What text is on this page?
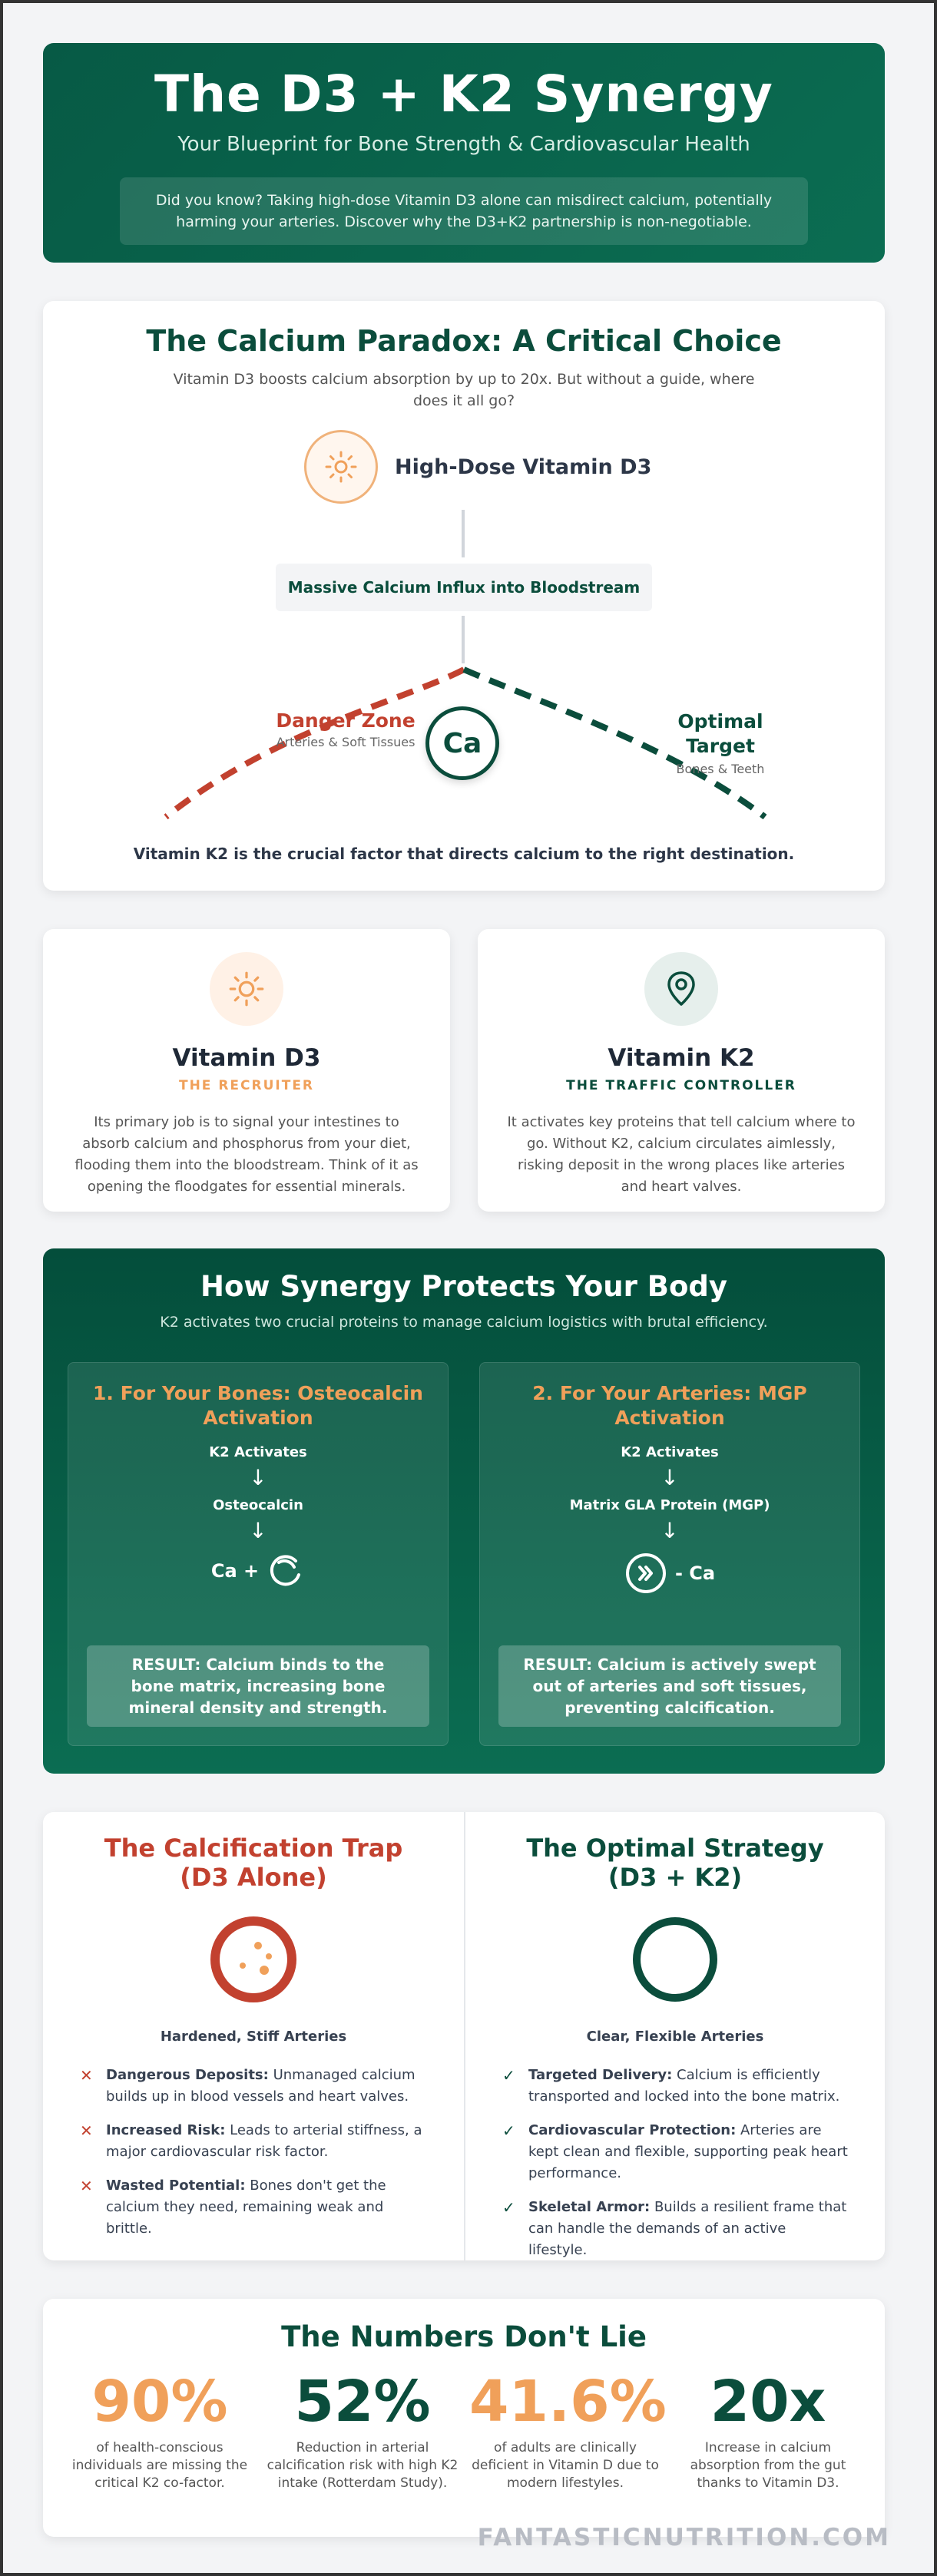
The D3 + K2 Synergy
Your Blueprint for Bone Strength & Cardiovascular Health
Did you know? Taking high-dose Vitamin D3 alone can misdirect calcium, potentially harming your arteries. Discover why the D3+K2 partnership is non-negotiable.
The Calcium Paradox: A Critical Choice
Vitamin D3 boosts calcium absorption by up to 20x. But without a guide, where does it all go?
High-Dose Vitamin D3
Massive Calcium Influx into Bloodstream
Danger Zone
Arteries & Soft Tissues	Ca
Optimal Target
Bones & Teeth
Vitamin K2 is the crucial factor that directs calcium to the right destination.
Vitamin D3
THE RECRUITER

Its primary job is to signal your intestines to absorb calcium and phosphorus from your diet, flooding them into the bloodstream. Think of it as opening the floodgates for essential minerals.

Vitamin K2
THE TRAFFIC CONTROLLER

It activates key proteins that tell calcium where to go. Without K2, calcium circulates aimlessly, risking deposit in the wrong places like arteries and heart valves.

How Synergy Protects Your Body
K2 activates two crucial proteins to manage calcium logistics with brutal efficiency.
1. For Your Bones: Osteocalcin Activation
K2 Activates
↓
Osteocalcin
↓
Ca +
RESULT: Calcium binds to the bone matrix, increasing bone mineral density and strength.
2. For Your Arteries: MGP Activation
K2 Activates
↓
Matrix GLA Protein (MGP)
↓
- Ca
RESULT: Calcium is actively swept out of arteries and soft tissues, preventing calcification.
The Calcification Trap (D3 Alone)
Hardened, Stiff Arteries
✕ Dangerous Deposits: Unmanaged calcium builds up in blood vessels and heart valves.
✕ Increased Risk: Leads to arterial stiffness, a major cardiovascular risk factor.
✕ Wasted Potential: Bones don't get the calcium they need, remaining weak and brittle.
The Optimal Strategy (D3 + K2)
Clear, Flexible Arteries
✓ Targeted Delivery: Calcium is efficiently transported and locked into the bone matrix.
✓ Cardiovascular Protection: Arteries are kept clean and flexible, supporting peak heart performance.
✓ Skeletal Armor: Builds a resilient frame that can handle the demands of an active lifestyle.
The Numbers Don't Lie
90%
of health-conscious individuals are missing the critical K2 co-factor.
52%
Reduction in arterial calcification risk with high K2 intake (Rotterdam Study).
41.6%
of adults are clinically deficient in Vitamin D due to modern lifestyles.
20x
Increase in calcium absorption from the gut thanks to Vitamin D3.
FANTASTICNUTRITION.COM
